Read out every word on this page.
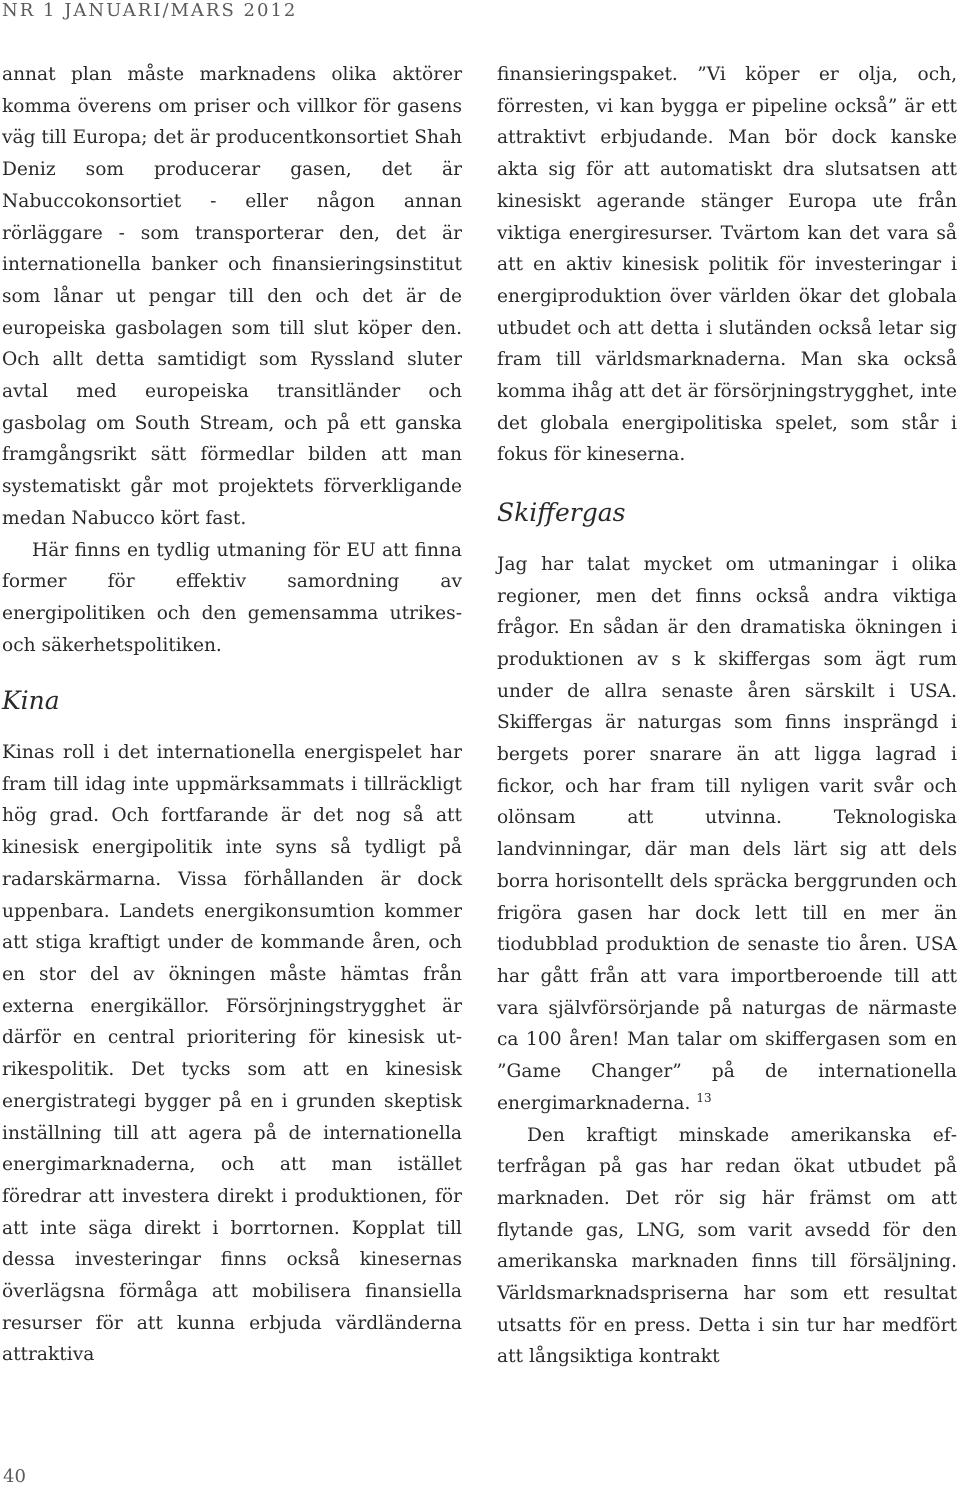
NR 1 JANUARI/MARS 2012

annat plan måste marknadens olika aktörer komma överens om priser och villkor för gasens väg till Europa; det är producentkonsortiet Shah Deniz som producerar gasen, det är Nabuccokonsortiet - eller någon annan rörläggare - som transporterar den, det är internationella banker och finansieringsinstitut som lånar ut pengar till den och det är de europeiska gasbolagen som till slut köper den. Och allt detta samtidigt som Ryssland sluter avtal med europeiska transitländer och gasbolag om South Stream, och på ett ganska framgångsrikt sätt förmedlar bilden att man systematiskt går mot projektets förverkligande medan Nabucco kört fast.

Här finns en tydlig utmaning för EU att finna former för effektiv samordning av energipolitiken och den gemensamma utrikes- och säkerhetspolitiken.

Kina

Kinas roll i det internationella energispelet har fram till idag inte uppmärksammats i tillräckligt hög grad. Och fortfarande är det nog så att kinesisk energipolitik inte syns så tydligt på radarskärmarna. Vissa förhållanden är dock uppenbara. Landets energikonsumtion kommer att stiga kraftigt under de kommande åren, och en stor del av ökningen måste hämtas från externa energikällor. Försörjningstrygghet är därför en central prioritering för kinesisk utrikespolitik. Det tycks som att en kinesisk energistrategi bygger på en i grunden skeptisk inställning till att agera på de internationella energimarknaderna, och att man istället föredrar att investera direkt i produktionen, för att inte säga direkt i borrtornen. Kopplat till dessa investeringar finns också kinesernas överlägsna förmåga att mobilisera finansiella resurser för att kunna erbjuda värdländerna attraktiva

finansieringspaket. ”Vi köper er olja, och, förresten, vi kan bygga er pipeline också” är ett attraktivt erbjudande. Man bör dock kanske akta sig för att automatiskt dra slutsatsen att kinesiskt agerande stänger Europa ute från viktiga energiresurser. Tvärtom kan det vara så att en aktiv kinesisk politik för investeringar i energiproduktion över världen ökar det globala utbudet och att detta i slutänden också letar sig fram till världsmarknaderna. Man ska också komma ihåg att det är försörjningstrygghet, inte det globala energipolitiska spelet, som står i fokus för kineserna.

Skiffergas

Jag har talat mycket om utmaningar i olika regioner, men det finns också andra viktiga frågor. En sådan är den dramatiska ökningen i produktionen av s k skiffergas som ägt rum under de allra senaste åren särskilt i USA. Skiffergas är naturgas som finns insprängd i bergets porer snarare än att ligga lagrad i fickor, och har fram till nyligen varit svår och olönsam att utvinna. Teknologiska landvinningar, där man dels lärt sig att dels borra horisontellt dels spräcka berggrunden och frigöra gasen har dock lett till en mer än tiodubblad produktion de senaste tio åren. USA har gått från att vara importberoende till att vara självförsörjande på naturgas de närmaste ca 100 åren! Man talar om skiffergasen som en ”Game Changer” på de internationella energimarknaderna. $^{13}$

Den kraftigt minskade amerikanska efterfrågan på gas har redan ökat utbudet på marknaden. Det rör sig här främst om att flytande gas, LNG, som varit avsedd för den amerikanska marknaden finns till försäljning. Världsmarknadspriserna har som ett resultat utsatts för en press. Detta i sin tur har medfört att långsiktiga kontrakt

40
